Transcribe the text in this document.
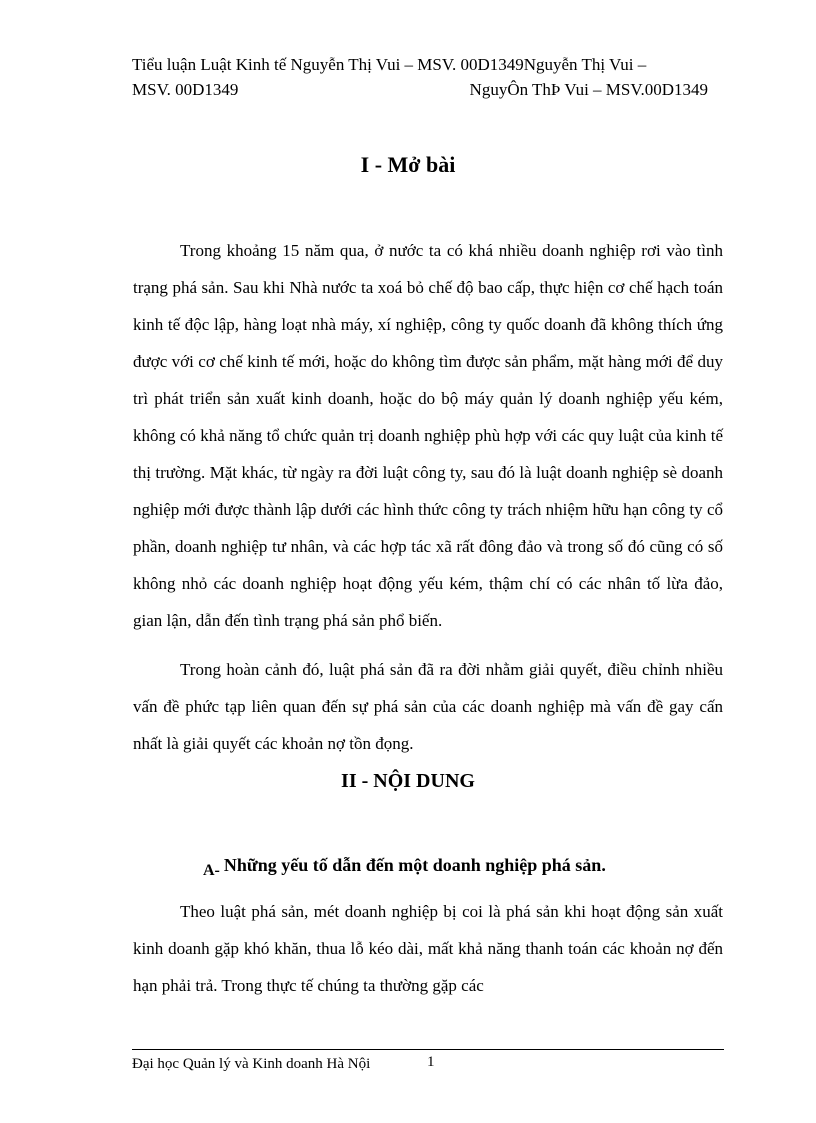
Tiểu luận Luật Kinh tế Nguyễn Thị Vui – MSV. 00D1349Nguyễn Thị Vui –
MSV. 00D1349	NguyÔn ThÞ Vui – MSV.00D1349
I - Mở bài

Trong khoảng 15 năm qua, ở nước ta có khá nhiều doanh nghiệp rơi vào tình trạng phá sản. Sau khi Nhà nước ta xoá bỏ chế độ bao cấp, thực hiện cơ chế hạch toán kinh tế độc lập, hàng loạt nhà máy, xí nghiệp, công ty quốc doanh đã không thích ứng được với cơ chế kinh tế mới, hoặc do không tìm được sản phẩm, mặt hàng mới để duy trì phát triển sản xuất kinh doanh, hoặc do bộ máy quản lý doanh nghiệp yếu kém, không có khả năng tổ chức quản trị doanh nghiệp phù hợp với các quy luật của kinh tế thị trường. Mặt khác, từ ngày ra đời luật công ty, sau đó là luật doanh nghiệp sè doanh nghiệp mới được thành lập dưới các hình thức công ty trách nhiệm hữu hạn công ty cổ phần, doanh nghiệp tư nhân, và các hợp tác xã rất đông đảo và trong số đó cũng có số không nhỏ các doanh nghiệp hoạt động yếu kém, thậm chí có các nhân tố lừa đảo, gian lận, dẫn đến tình trạng phá sản phổ biến.

Trong hoàn cảnh đó, luật phá sản đã ra đời nhằm giải quyết, điều chỉnh nhiều vấn đề phức tạp liên quan đến sự phá sản của các doanh nghiệp mà vấn đề gay cấn nhất là giải quyết các khoản nợ tồn đọng.

II - NỘI DUNG
A- Những yếu tố dẫn đến một doanh nghiệp phá sản.

Theo luật phá sản, mét doanh nghiệp bị coi là phá sản khi hoạt động sản xuất kinh doanh gặp khó khăn, thua lỗ kéo dài, mất khả năng thanh toán các khoản nợ đến hạn phải trả. Trong thực tế chúng ta thường gặp các

Đại học Quản lý và Kinh doanh Hà Nội	1
